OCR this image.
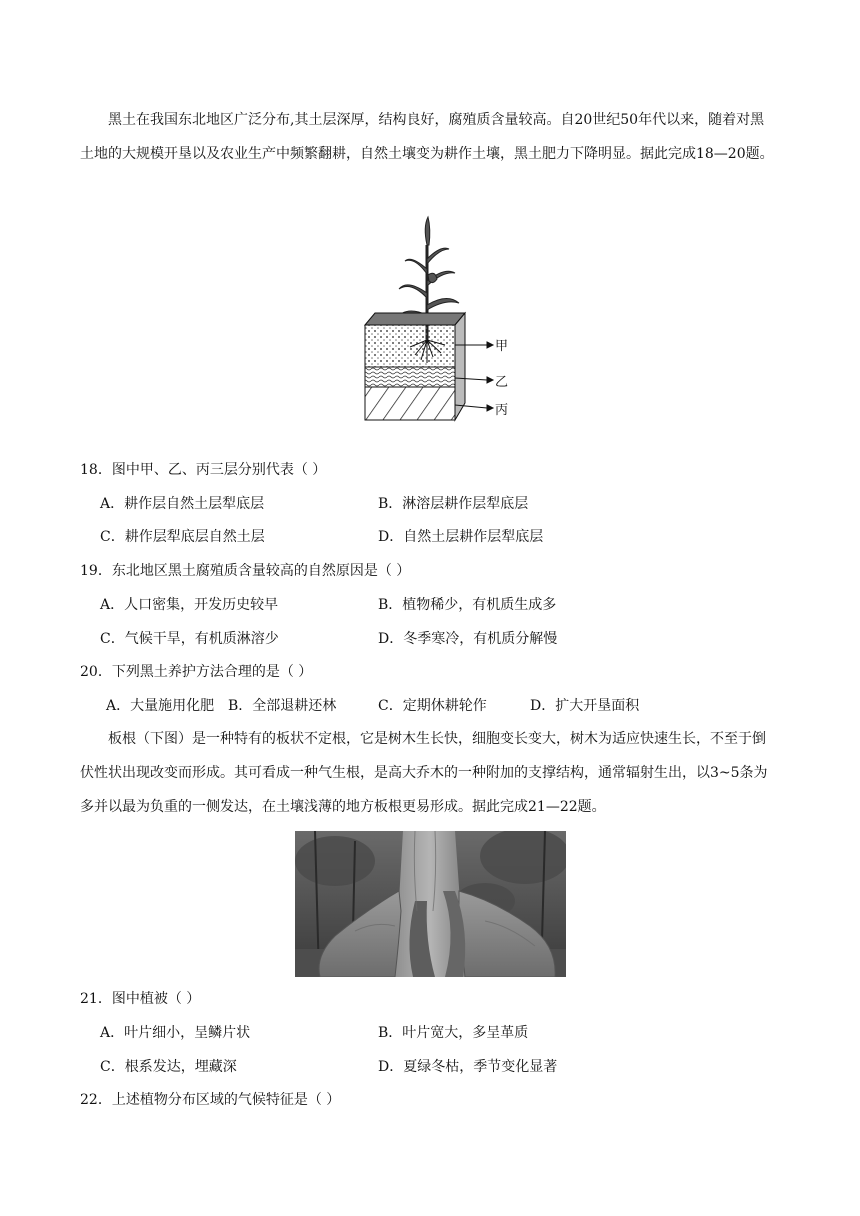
黑土在我国东北地区广泛分布,其土层深厚，结构良好，腐殖质含量较高。自20世纪50年代以来，随着对黑土地的大规模开垦以及农业生产中频繁翻耕，自然土壤变为耕作土壤，黑土肥力下降明显。据此完成18—20题。

甲
乙
丙

18．图中甲、乙、丙三层分别代表（ ）

A．耕作层自然土层犁底层	B．淋溶层耕作层犁底层

C．耕作层犁底层自然土层	D．自然土层耕作层犁底层

19．东北地区黑土腐殖质含量较高的自然原因是（ ）

A．人口密集，开发历史较早	B．植物稀少，有机质生成多

C．气候干旱，有机质淋溶少	D．冬季寒冷，有机质分解慢

20．下列黑土养护方法合理的是（ ）

A．大量施用化肥 B．全部退耕还林	C．定期休耕轮作	D．扩大开垦面积

板根（下图）是一种特有的板状不定根，它是树木生长快，细胞变长变大，树木为适应快速生长，不至于倒伏性状出现改变而形成。其可看成一种气生根，是高大乔木的一种附加的支撑结构，通常辐射生出，以3~5条为多并以最为负重的一侧发达，在土壤浅薄的地方板根更易形成。据此完成21—22题。

21．图中植被（ ）

A．叶片细小，呈鳞片状	B．叶片宽大，多呈革质

C．根系发达，埋藏深	D．夏绿冬枯，季节变化显著

22．上述植物分布区域的气候特征是（ ）
